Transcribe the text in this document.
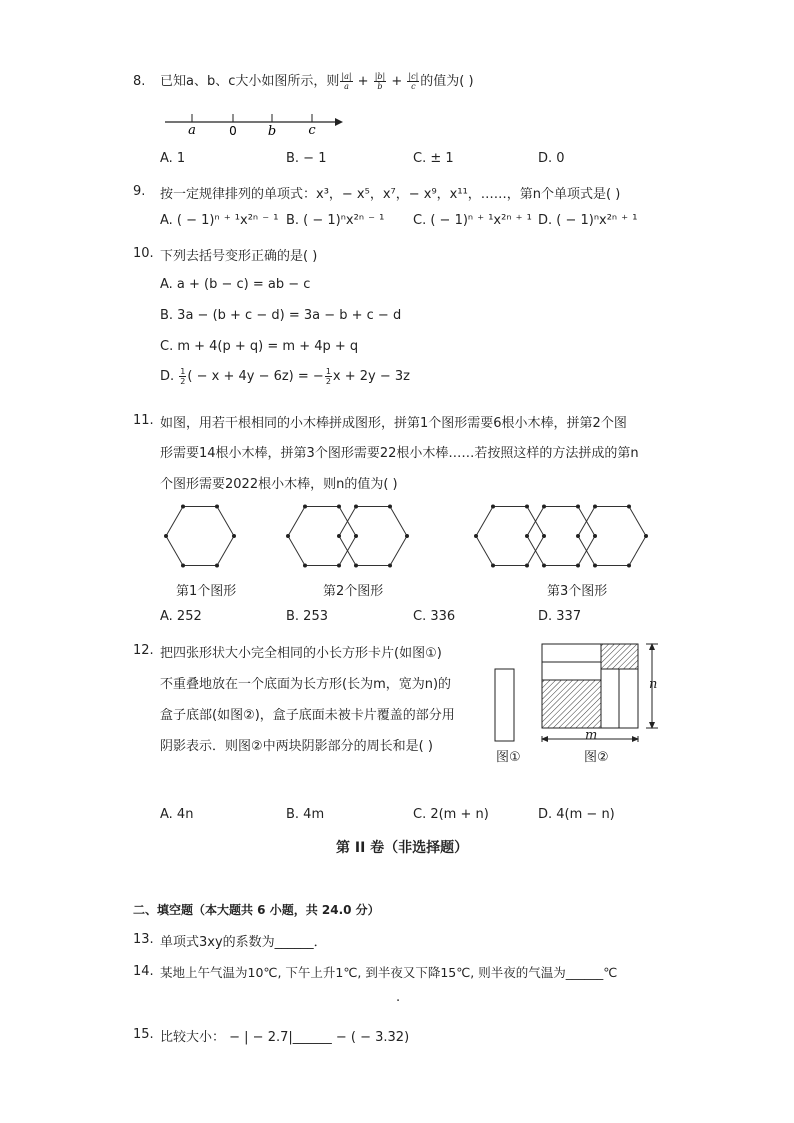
8.	已知a、b、c大小如图所示，则 $\frac{|a|}{a} + \frac{|b|}{b} + \frac{|c|}{c}$ 的值为( )
a	0 b c
A. 1	B. − 1	C. ± 1	D. 0
9.	按一定规律排列的单项式：x³，− x⁵，x⁷，− x⁹，x¹¹，……，第n个单项式是( )
A. ( − 1)ⁿ ⁺ ¹x²ⁿ ⁻ ¹ B. ( − 1)ⁿx²ⁿ ⁻ ¹ C. ( − 1)ⁿ ⁺ ¹x²ⁿ ⁺ ¹ D. ( − 1)ⁿx²ⁿ ⁺ ¹
10. 下列去括号变形正确的是( )
A. a + (b − c) = ab − c
B. 3a − (b + c − d) = 3a − b + c − d
C. m + 4(p + q) = m + 4p + q
D. $\frac{1}{2}$ ( − x + 4y − 6z) = − $\frac{1}{2}$ x + 2y − 3z
11. 如图，用若干根相同的小木棒拼成图形，拼第1个图形需要6根小木棒，拼第2个图
形需要14根小木棒，拼第3个图形需要22根小木棒……若按照这样的方法拼成的第n
个图形需要2022根小木棒，则n的值为( )
第1个图形	第2个图形	第3个图形
A. 252	B. 253	C. 336	D. 337
12. 把四张形状大小完全相同的小长方形卡片(如图①)
不重叠地放在一个底面为长方形(长为m，宽为n)的
盒子底部(如图②)，盒子底面未被卡片覆盖的部分用
阴影表示．则图②中两块阴影部分的周长和是( )
n
m
图①	图②
A. 4n	B. 4m	C. 2(m + n)	D. 4(m − n)
第 II 卷（非选择题）
二、填空题（本大题共 6 小题，共 24.0 分）
13. 单项式3xy的系数为______．
14. 某地上午气温为10℃, 下午上升1℃, 到半夜又下降15℃, 则半夜的气温为______℃
.
15. 比较大小： − | − 2.7|______ − ( − 3.32)
